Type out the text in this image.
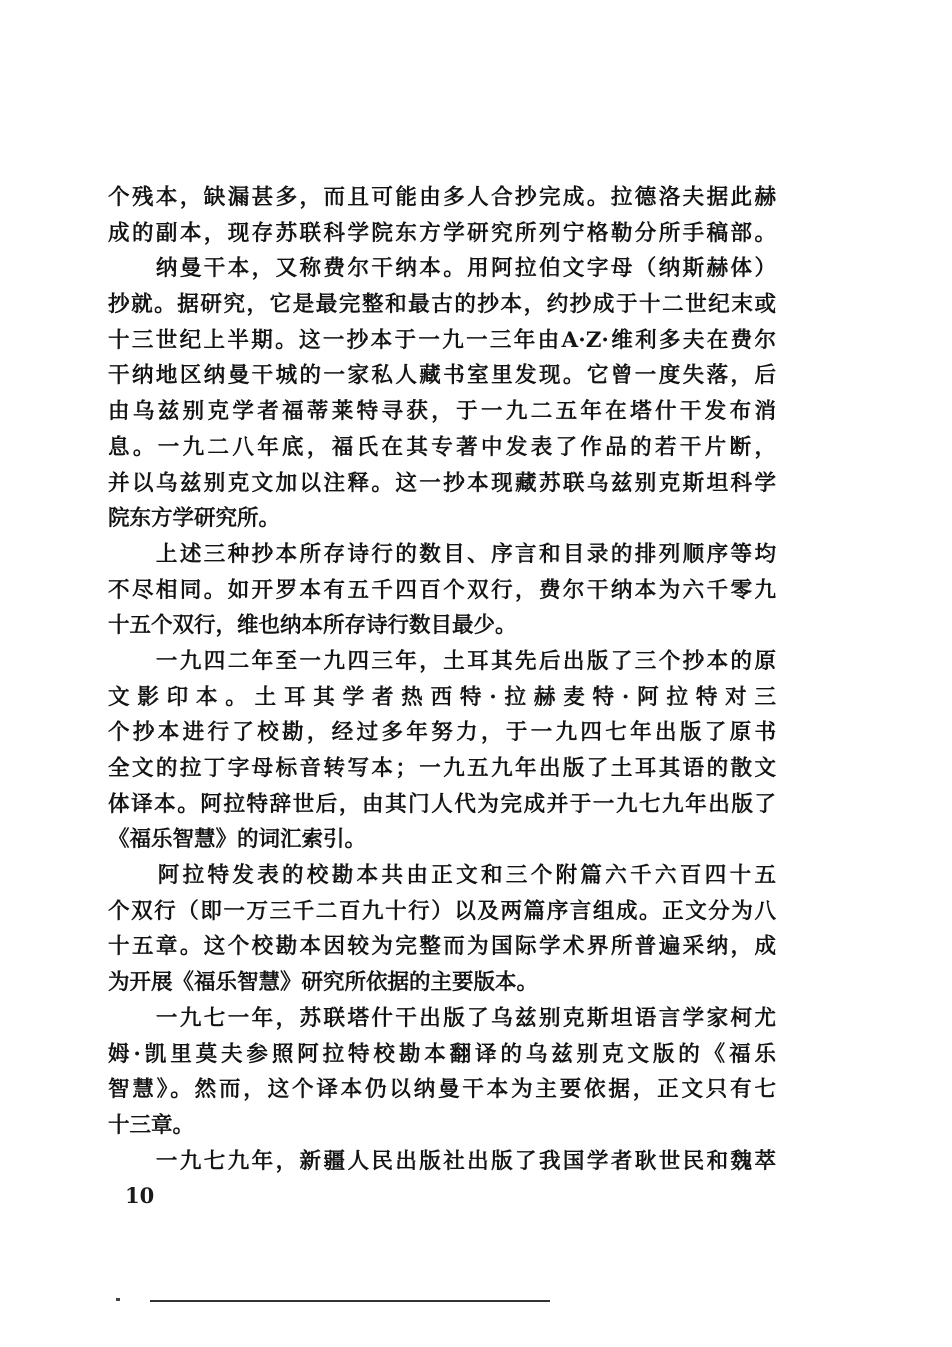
个残本，缺漏甚多，而且可能由多人合抄完成。拉德洛夫据此赫
成的副本，现存苏联科学院东方学研究所列宁格勒分所手稿部。
　　纳曼干本，又称费尔干纳本。用阿拉伯文字母（纳斯赫体）
抄就。据研究，它是最完整和最古的抄本，约抄成于十二世纪末或
十三世纪上半期。这一抄本于一九一三年由A·Z·维利多夫在费尔
干纳地区纳曼干城的一家私人藏书室里发现。它曾一度失落，后
由乌兹别克学者福蒂莱特寻获，于一九二五年在塔什干发布消
息。一九二八年底，福氏在其专著中发表了作品的若干片断，
并以乌兹别克文加以注释。这一抄本现藏苏联乌兹别克斯坦科学
院东方学研究所。
　　上述三种抄本所存诗行的数目、序言和目录的排列顺序等均
不尽相同。如开罗本有五千四百个双行，费尔干纳本为六千零九
十五个双行，维也纳本所存诗行数目最少。
　　一九四二年至一九四三年，土耳其先后出版了三个抄本的原
文影印本。土耳其学者热西特·拉赫麦特·阿拉特对三
个抄本进行了校勘，经过多年努力，于一九四七年出版了原书
全文的拉丁字母标音转写本；一九五九年出版了土耳其语的散文
体译本。阿拉特辞世后，由其门人代为完成并于一九七九年出版了
《福乐智慧》的词汇索引。
　　阿拉特发表的校勘本共由正文和三个附篇六千六百四十五
个双行（即一万三千二百九十行）以及两篇序言组成。正文分为八
十五章。这个校勘本因较为完整而为国际学术界所普遍采纳，成
为开展《福乐智慧》研究所依据的主要版本。
　　一九七一年，苏联塔什干出版了乌兹别克斯坦语言学家柯尤
姆·凯里莫夫参照阿拉特校勘本翻译的乌兹别克文版的《福乐
智慧》。然而，这个译本仍以纳曼干本为主要依据，正文只有七
十三章。
　　一九七九年，新疆人民出版社出版了我国学者耿世民和魏萃
10
